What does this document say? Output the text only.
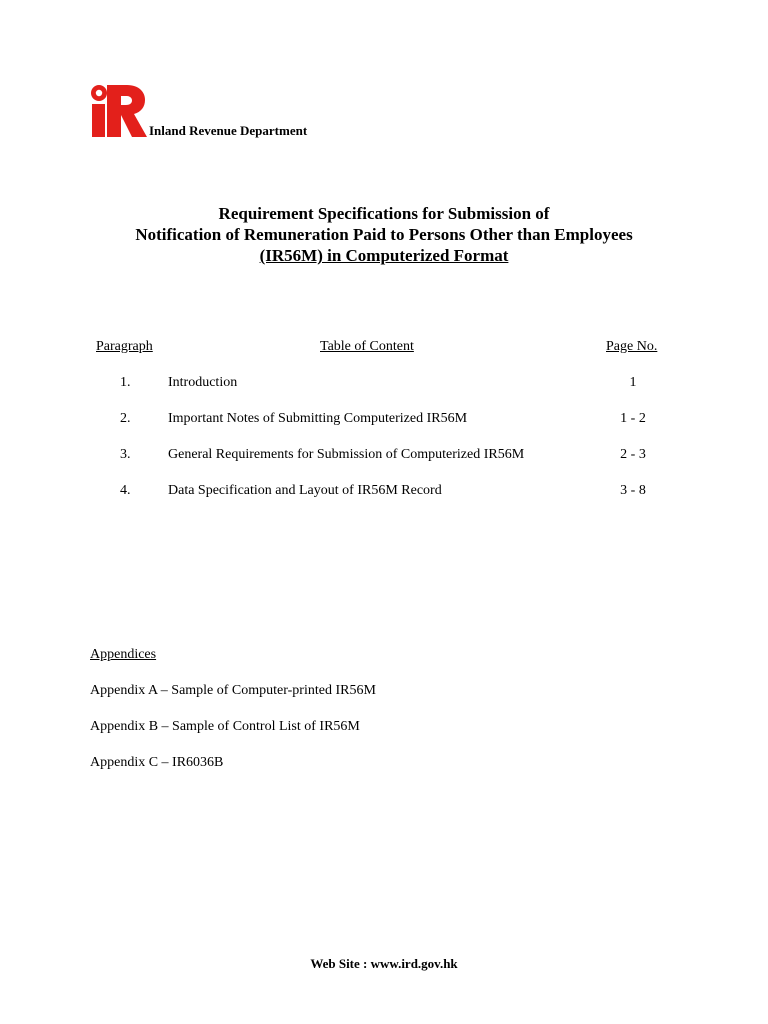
Inland Revenue Department
Requirement Specifications for Submission of
Notification of Remuneration Paid to Persons Other than Employees
(IR56M) in Computerized Format
Paragraph	Table of Content	Page No.
1.	Introduction	1
2.	Important Notes of Submitting Computerized IR56M	1 - 2
3.	General Requirements for Submission of Computerized IR56M	2 - 3
4.	Data Specification and Layout of IR56M Record	3 - 8
Appendices
Appendix A – Sample of Computer-printed IR56M
Appendix B – Sample of Control List of IR56M
Appendix C – IR6036B
Web Site : www.ird.gov.hk
